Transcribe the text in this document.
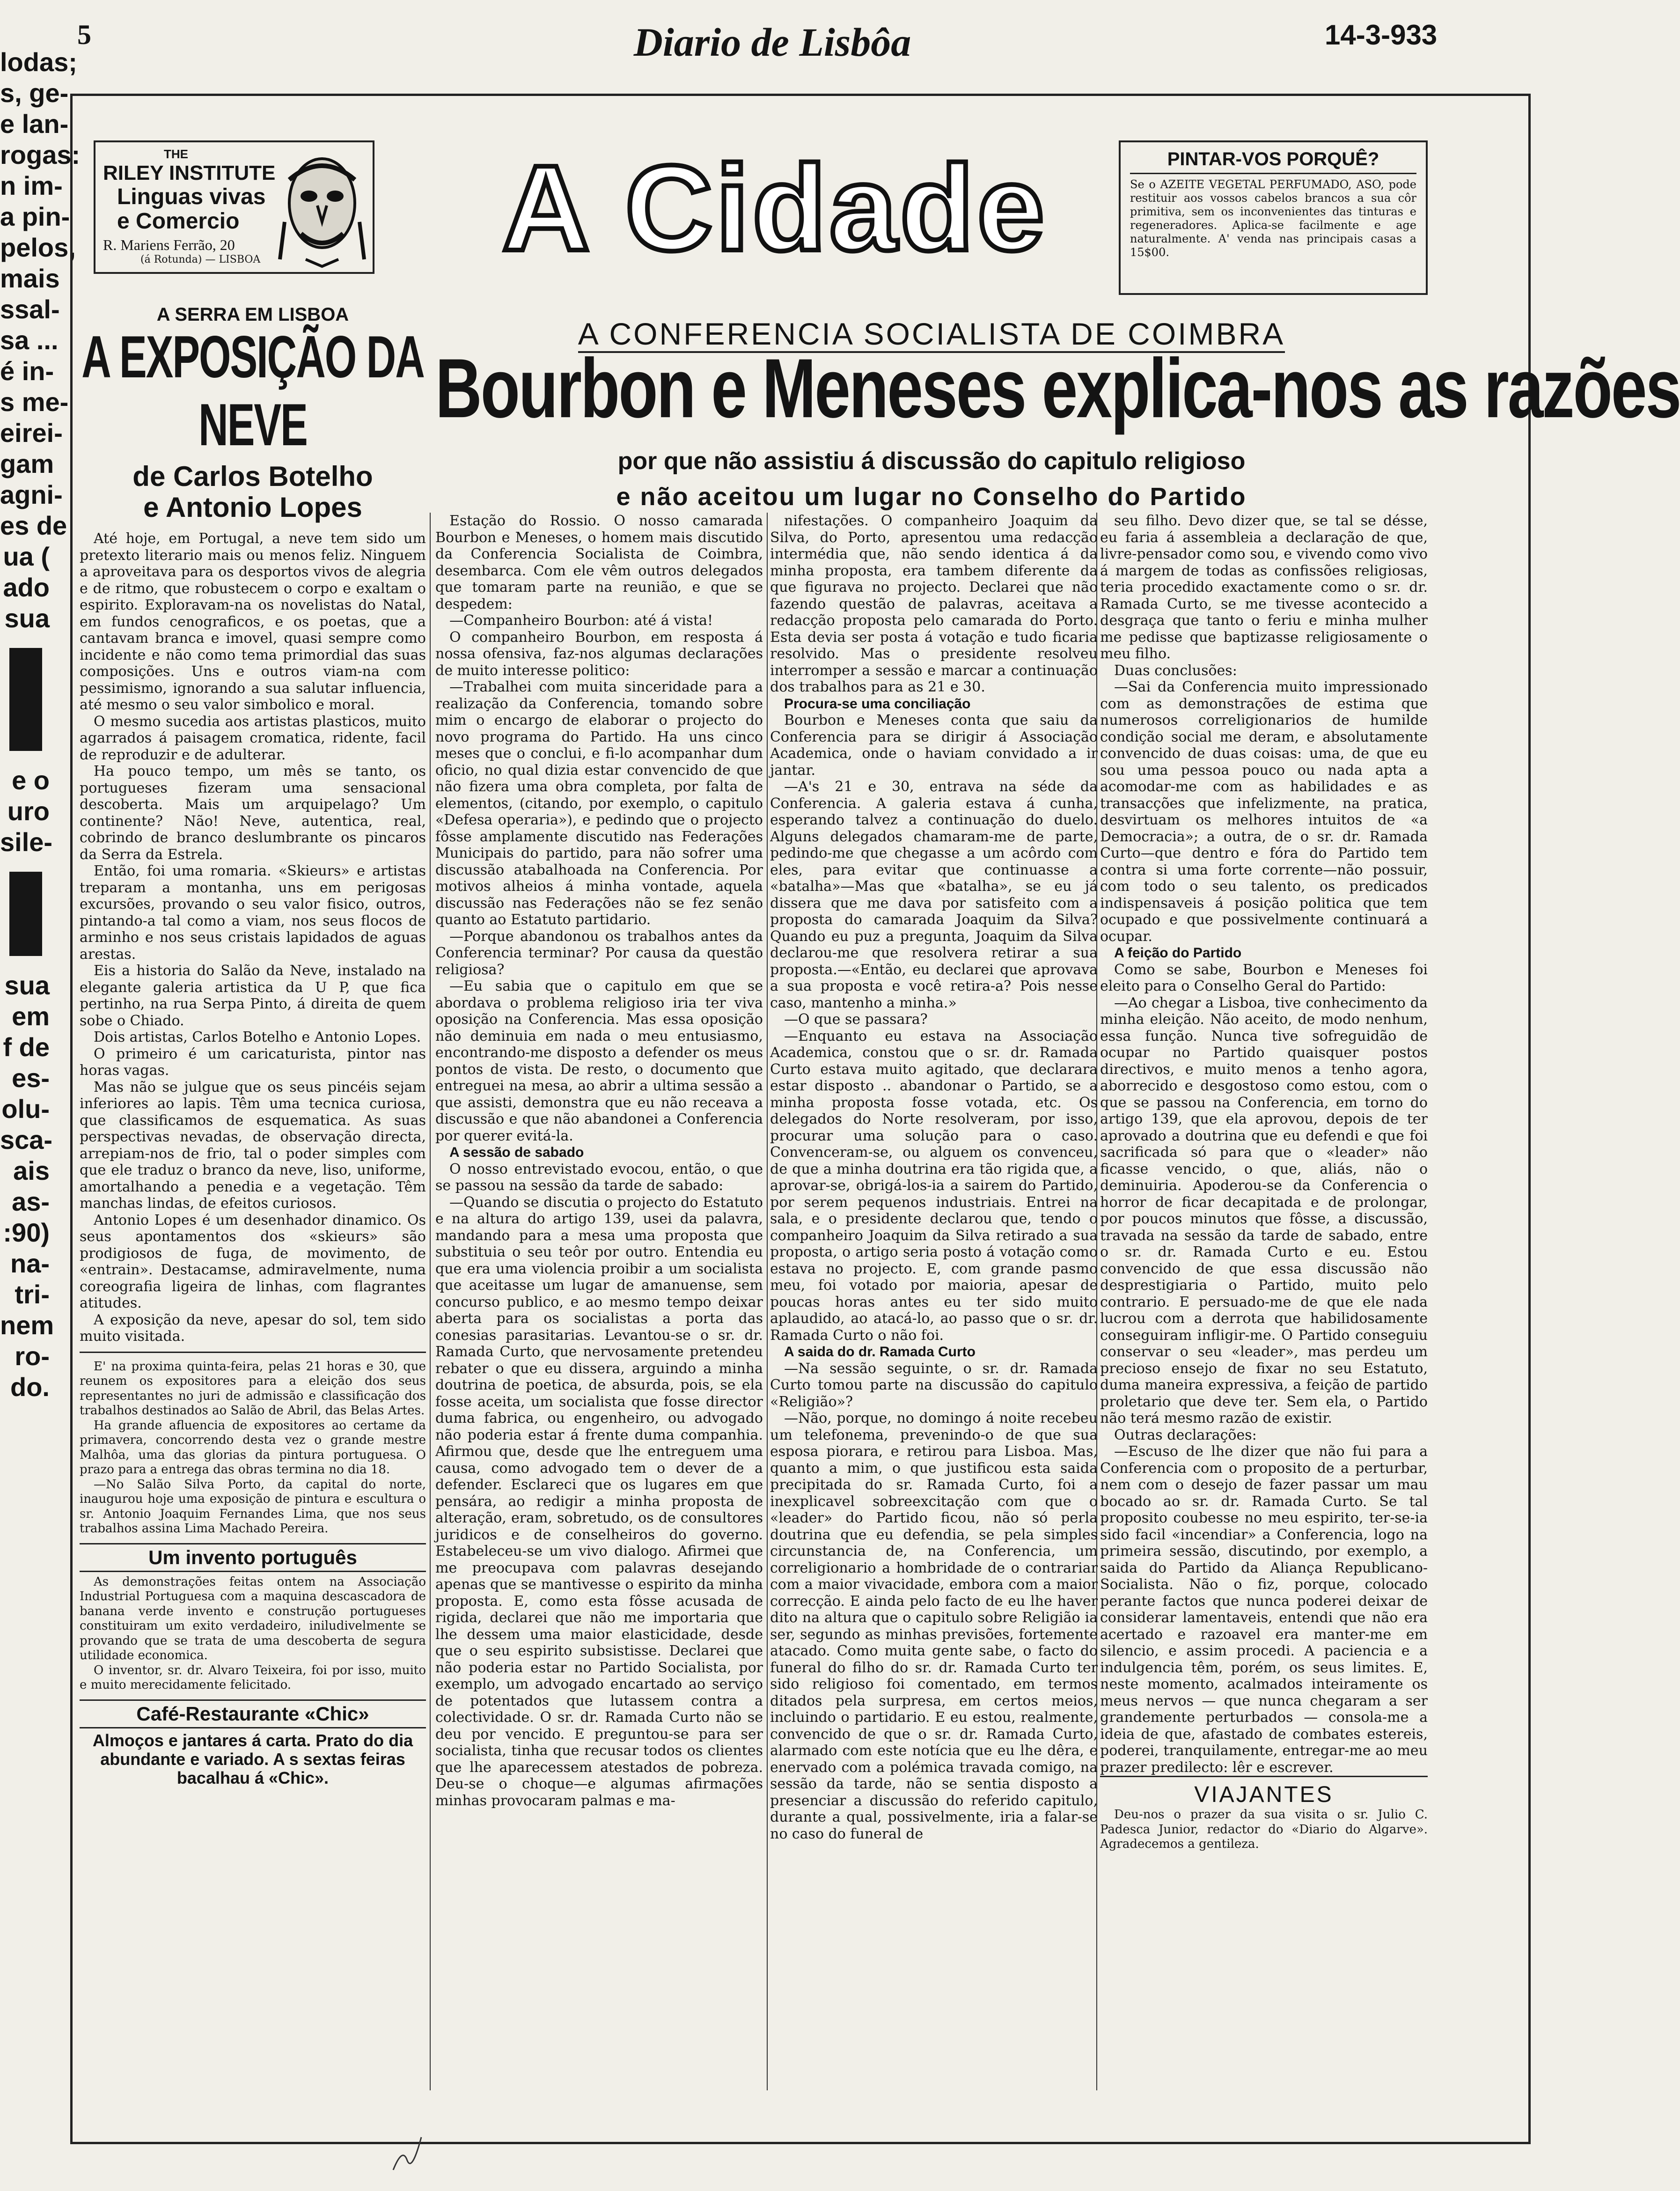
lodas;
s, ge-
e lan-
rogas:
n im-
a pin-
pelos,
mais
ssal-
sa ...
é in-
s me-
eirei-
gam
agni-
es de
ua (
ado
sua
e o
uro
sile-
sua
em
f de
es-
olu-
sca-
ais
as-
:90)
na-
tri-
nem
ro-
do.
5	Diario de Lisbôa	14-3-933
THE
RILEY INSTITUTE
Linguas vivas
e Comercio
R. Mariens Ferrão, 20
(á Rotunda) — LISBOA	A Cidade	PINTAR-VOS PORQUÊ?
Se o AZEITE VEGETAL PERFUMADO, ASO, pode restituir aos vossos cabelos brancos a sua côr primitiva, sem os inconvenientes das tinturas e regeneradores. Aplica-se facilmente e age naturalmente. A' venda nas principais casas a 15$00.
A SERRA EM LISBOA
A EXPOSIÇÃO DA NEVE
de Carlos Botelho
e Antonio Lopes

Até hoje, em Portugal, a neve tem sido um pretexto literario mais ou menos feliz. Ninguem a aproveitava para os desportos vivos de alegria e de ritmo, que robustecem o corpo e exaltam o espirito. Exploravam-na os novelistas do Natal, em fundos cenograficos, e os poetas, que a cantavam branca e imovel, quasi sempre como incidente e não como tema primordial das suas composições. Uns e outros viam-na com pessimismo, ignorando a sua salutar influencia, até mesmo o seu valor simbolico e moral.

O mesmo sucedia aos artistas plasticos, muito agarrados á paisagem cromatica, ridente, facil de reproduzir e de adulterar.

Ha pouco tempo, um mês se tanto, os portugueses fizeram uma sensacional descoberta. Mais um arquipelago? Um continente? Não! Neve, autentica, real, cobrindo de branco deslumbrante os pincaros da Serra da Estrela.

Então, foi uma romaria. «Skieurs» e artistas treparam a montanha, uns em perigosas excursões, provando o seu valor fisico, outros, pintando-a tal como a viam, nos seus flocos de arminho e nos seus cristais lapidados de aguas arestas.

Eis a historia do Salão da Neve, instalado na elegante galeria artistica da U P, que fica pertinho, na rua Serpa Pinto, á direita de quem sobe o Chiado.

Dois artistas, Carlos Botelho e Antonio Lopes.

O primeiro é um caricaturista, pintor nas horas vagas.

Mas não se julgue que os seus pincéis sejam inferiores ao lapis. Têm uma tecnica curiosa, que classificamos de esquematica. As suas perspectivas nevadas, de observação directa, arrepiam-nos de frio, tal o poder simples com que ele traduz o branco da neve, liso, uniforme, amortalhando a penedia e a vegetação. Têm manchas lindas, de efeitos curiosos.

Antonio Lopes é um desenhador dinamico. Os seus apontamentos dos «skieurs» são prodigiosos de fuga, de movimento, de «entrain». Destacamse, admiravelmente, numa coreografia ligeira de linhas, com flagrantes atitudes.

A exposição da neve, apesar do sol, tem sido muito visitada.

E' na proxima quinta-feira, pelas 21 horas e 30, que reunem os expositores para a eleição dos seus representantes no juri de admissão e classificação dos trabalhos destinados ao Salão de Abril, das Belas Artes.

Ha grande afluencia de expositores ao certame da primavera, concorrendo desta vez o grande mestre Malhôa, uma das glorias da pintura portuguesa. O prazo para a entrega das obras termina no dia 18.

—No Salão Silva Porto, da capital do norte, inaugurou hoje uma exposição de pintura e escultura o sr. Antonio Joaquim Fernandes Lima, que nos seus trabalhos assina Lima Machado Pereira.

Um invento português

As demonstrações feitas ontem na Associação Industrial Portuguesa com a maquina descascadora de banana verde invento e construção portugueses constituiram um exito verdadeiro, iniludivelmente se provando que se trata de uma descoberta de segura utilidade economica.

O inventor, sr. dr. Alvaro Teixeira, foi por isso, muito e muito merecidamente felicitado.

Café-Restaurante «Chic»
Almoços e jantares á carta. Prato do dia abundante e variado. A s sextas feiras bacalhau á «Chic».
A CONFERENCIA SOCIALISTA DE COIMBRA
Bourbon e Meneses explica-nos as razões
por que não assistiu á discussão do capitulo religioso
e não aceitou um lugar no Conselho do Partido

Estação do Rossio. O nosso camarada Bourbon e Meneses, o homem mais discutido da Conferencia Socialista de Coimbra, desembarca. Com ele vêm outros delegados que tomaram parte na reunião, e que se despedem:

—Companheiro Bourbon: até á vista!

O companheiro Bourbon, em resposta á nossa ofensiva, faz-nos algumas declarações de muito interesse politico:

—Trabalhei com muita sinceridade para a realização da Conferencia, tomando sobre mim o encargo de elaborar o projecto do novo programa do Partido. Ha uns cinco meses que o conclui, e fi-lo acompanhar dum oficio, no qual dizia estar convencido de que não fizera uma obra completa, por falta de elementos, (citando, por exemplo, o capitulo «Defesa operaria»), e pedindo que o projecto fôsse amplamente discutido nas Federações Municipais do partido, para não sofrer uma discussão atabalhoada na Conferencia. Por motivos alheios á minha vontade, aquela discussão nas Federações não se fez senão quanto ao Estatuto partidario.

—Porque abandonou os trabalhos antes da Conferencia terminar? Por causa da questão religiosa?

—Eu sabia que o capitulo em que se abordava o problema religioso iria ter viva oposição na Conferencia. Mas essa oposição não deminuia em nada o meu entusiasmo, encontrando-me disposto a defender os meus pontos de vista. De resto, o documento que entreguei na mesa, ao abrir a ultima sessão a que assisti, demonstra que eu não receava a discussão e que não abandonei a Conferencia por querer evitá-la.

A sessão de sabado

O nosso entrevistado evocou, então, o que se passou na sessão da tarde de sabado:

—Quando se discutia o projecto do Estatuto e na altura do artigo 139, usei da palavra, mandando para a mesa uma proposta que substituia o seu teôr por outro. Entendia eu que era uma violencia proibir a um socialista que aceitasse um lugar de amanuense, sem concurso publico, e ao mesmo tempo deixar aberta para os socialistas a porta das conesias parasitarias. Levantou-se o sr. dr. Ramada Curto, que nervosamente pretendeu rebater o que eu dissera, arguindo a minha doutrina de poetica, de absurda, pois, se ela fosse aceita, um socialista que fosse director duma fabrica, ou engenheiro, ou advogado não poderia estar á frente duma companhia. Afirmou que, desde que lhe entreguem uma causa, como advogado tem o dever de a defender. Esclareci que os lugares em que pensára, ao redigir a minha proposta de alteração, eram, sobretudo, os de consultores juridicos e de conselheiros do governo. Estabeleceu-se um vivo dialogo. Afirmei que me preocupava com palavras desejando apenas que se mantivesse o espirito da minha proposta. E, como esta fôsse acusada de rigida, declarei que não me importaria que lhe dessem uma maior elasticidade, desde que o seu espirito subsistisse. Declarei que não poderia estar no Partido Socialista, por exemplo, um advogado encartado ao serviço de potentados que lutassem contra a colectividade. O sr. dr. Ramada Curto não se deu por vencido. E preguntou-se para ser socialista, tinha que recusar todos os clientes que lhe aparecessem atestados de pobreza. Deu-se o choque—e algumas afirmações minhas provocaram palmas e ma-

nifestações. O companheiro Joaquim da Silva, do Porto, apresentou uma redacção intermédia que, não sendo identica á da minha proposta, era tambem diferente da que figurava no projecto. Declarei que não fazendo questão de palavras, aceitava a redacção proposta pelo camarada do Porto. Esta devia ser posta á votação e tudo ficaria resolvido. Mas o presidente resolveu interromper a sessão e marcar a continuação dos trabalhos para as 21 e 30.

Procura-se uma conciliação

Bourbon e Meneses conta que saiu da Conferencia para se dirigir á Associação Academica, onde o haviam convidado a ir jantar.

—A's 21 e 30, entrava na séde da Conferencia. A galeria estava á cunha, esperando talvez a continuação do duelo. Alguns delegados chamaram-me de parte, pedindo-me que chegasse a um acôrdo com eles, para evitar que continuasse a «batalha»—Mas que «batalha», se eu já dissera que me dava por satisfeito com a proposta do camarada Joaquim da Silva? Quando eu puz a pregunta, Joaquim da Silva declarou-me que resolvera retirar a sua proposta.—«Então, eu declarei que aprovava a sua proposta e você retira-a? Pois nesse caso, mantenho a minha.»

—O que se passara?

—Enquanto eu estava na Associação Academica, constou que o sr. dr. Ramada Curto estava muito agitado, que declarara estar disposto .. abandonar o Partido, se a minha proposta fosse votada, etc. Os delegados do Norte resolveram, por isso, procurar uma solução para o caso. Convenceram-se, ou alguem os convenceu, de que a minha doutrina era tão rigida que, a aprovar-se, obrigá-los-ia a sairem do Partido, por serem pequenos industriais. Entrei na sala, e o presidente declarou que, tendo o companheiro Joaquim da Silva retirado a sua proposta, o artigo seria posto á votação como estava no projecto. E, com grande pasmo meu, foi votado por maioria, apesar de poucas horas antes eu ter sido muito aplaudido, ao atacá-lo, ao passo que o sr. dr. Ramada Curto o não foi.

A saida do dr. Ramada Curto

—Na sessão seguinte, o sr. dr. Ramada Curto tomou parte na discussão do capitulo «Religião»?

—Não, porque, no domingo á noite recebeu um telefonema, prevenindo-o de que sua esposa piorara, e retirou para Lisboa. Mas, quanto a mim, o que justificou esta saida precipitada do sr. Ramada Curto, foi a inexplicavel sobreexcitação com que o «leader» do Partido ficou, não só perla doutrina que eu defendia, se pela simples circunstancia de, na Conferencia, um correligionario a hombridade de o contrariar com a maior vivacidade, embora com a maior correcção. E ainda pelo facto de eu lhe haver dito na altura que o capitulo sobre Religião ia ser, segundo as minhas previsões, fortemente atacado. Como muita gente sabe, o facto do funeral do filho do sr. dr. Ramada Curto ter sido religioso foi comentado, em termos ditados pela surpresa, em certos meios, incluindo o partidario. E eu estou, realmente, convencido de que o sr. dr. Ramada Curto, alarmado com este notícia que eu lhe dêra, e enervado com a polémica travada comigo, na sessão da tarde, não se sentia disposto a presenciar a discussão do referido capitulo, durante a qual, possivelmente, iria a falar-se no caso do funeral de

seu filho. Devo dizer que, se tal se désse, eu faria á assembleia a declaração de que, livre-pensador como sou, e vivendo como vivo á margem de todas as confissões religiosas, teria procedido exactamente como o sr. dr. Ramada Curto, se me tivesse acontecido a desgraça que tanto o feriu e minha mulher me pedisse que baptizasse religiosamente o meu filho.

Duas conclusões:

—Sai da Conferencia muito impressionado com as demonstrações de estima que numerosos correligionarios de humilde condição social me deram, e absolutamente convencido de duas coisas: uma, de que eu sou uma pessoa pouco ou nada apta a acomodar-me com as habilidades e as transacções que infelizmente, na pratica, desvirtuam os melhores intuitos de «a Democracia»; a outra, de o sr. dr. Ramada Curto—que dentro e fóra do Partido tem contra si uma forte corrente—não possuir, com todo o seu talento, os predicados indispensaveis á posição politica que tem ocupado e que possivelmente continuará a ocupar.

A feição do Partido

Como se sabe, Bourbon e Meneses foi eleito para o Conselho Geral do Partido:

—Ao chegar a Lisboa, tive conhecimento da minha eleição. Não aceito, de modo nenhum, essa função. Nunca tive sofreguidão de ocupar no Partido quaisquer postos directivos, e muito menos a tenho agora, aborrecido e desgostoso como estou, com o que se passou na Conferencia, em torno do artigo 139, que ela aprovou, depois de ter aprovado a doutrina que eu defendi e que foi sacrificada só para que o «leader» não ficasse vencido, o que, aliás, não o deminuiria. Apoderou-se da Conferencia o horror de ficar decapitada e de prolongar, por poucos minutos que fôsse, a discussão, travada na sessão da tarde de sabado, entre o sr. dr. Ramada Curto e eu. Estou convencido de que essa discussão não desprestigiaria o Partido, muito pelo contrario. E persuado-me de que ele nada lucrou com a derrota que habilidosamente conseguiram infligir-me. O Partido conseguiu conservar o seu «leader», mas perdeu um precioso ensejo de fixar no seu Estatuto, duma maneira expressiva, a feição de partido proletario que deve ter. Sem ela, o Partido não terá mesmo razão de existir.

Outras declarações:

—Escuso de lhe dizer que não fui para a Conferencia com o proposito de a perturbar, nem com o desejo de fazer passar um mau bocado ao sr. dr. Ramada Curto. Se tal proposito coubesse no meu espirito, ter-se-ia sido facil «incendiar» a Conferencia, logo na primeira sessão, discutindo, por exemplo, a saida do Partido da Aliança Republicano-Socialista. Não o fiz, porque, colocado perante factos que nunca poderei deixar de considerar lamentaveis, entendi que não era acertado e razoavel era manter-me em silencio, e assim procedi. A paciencia e a indulgencia têm, porém, os seus limites. E, neste momento, acalmados inteiramente os meus nervos — que nunca chegaram a ser grandemente perturbados — consola-me a ideia de que, afastado de combates estereis, poderei, tranquilamente, entregar-me ao meu prazer predilecto: lêr e escrever.

VIAJANTES

Deu-nos o prazer da sua visita o sr. Julio C. Padesca Junior, redactor do «Diario do Algarve». Agradecemos a gentileza.
